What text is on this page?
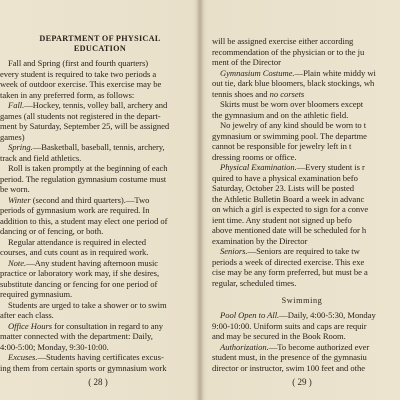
DEPARTMENT OF PHYSICAL
EDUCATION
Fall and Spring (first and fourth quarters)
every student is required to take two periods a
week of outdoor exercise. This exercise may be
taken in any preferred form, as follows:
Fall.—Hockey, tennis, volley ball, archery and
games (all students not registered in the depart-
ment by Saturday, September 25, will be assigned
games)
Spring.—Basketball, baseball, tennis, archery,
track and field athletics.
Roll is taken promptly at the beginning of each
period. The regulation gymnasium costume must
be worn.
Winter (second and third quarters).—Two
periods of gymnasium work are required. In
addition to this, a student may elect one period of
dancing or of fencing, or both.
Regular attendance is required in elected
courses, and cuts count as in required work.
Note.—Any student having afternoon music
practice or laboratory work may, if she desires,
substitute dancing or fencing for one period of
required gymnasium.
Students are urged to take a shower or to swim
after each class.
Office Hours for consultation in regard to any
matter connected with the department: Daily,
4:00-5:00; Monday, 9:30-10:00.
Excuses.—Students having certificates excus-
ing them from certain sports or gymnasium work
( 28 )
will be assigned exercise either according
recommendation of the physician or to the ju
ment of the Director
Gymnasium Costume.—Plain white middy wi
out tie, dark blue bloomers, black stockings, wh
tennis shoes and no corsets
Skirts must be worn over bloomers except
the gymnasium and on the athletic field.
No jewelry of any kind should be worn to t
gymnasium or swimming pool. The departme
cannot be responsible for jewelry left in t
dressing rooms or office.
Physical Examination.—Every student is r
quired to have a physical examination befo
Saturday, October 23. Lists will be posted
the Athletic Bulletin Board a week in advanc
on which a girl is expected to sign for a conve
ient time. Any student not signed up befo
above mentioned date will be scheduled for h
examination by the Director
Seniors.—Seniors are required to take tw
periods a week of directed exercise. This exe
cise may be any form preferred, but must be a
regular, scheduled times.
Swimming
Pool Open to All.—Daily, 4:00-5:30, Monday
9:00-10:00. Uniform suits and caps are requir
and may be secured in the Book Room.
Authorization.—To become authorized ever
student must, in the presence of the gymnasiu
director or instructor, swim 100 feet and othe
( 29 )
